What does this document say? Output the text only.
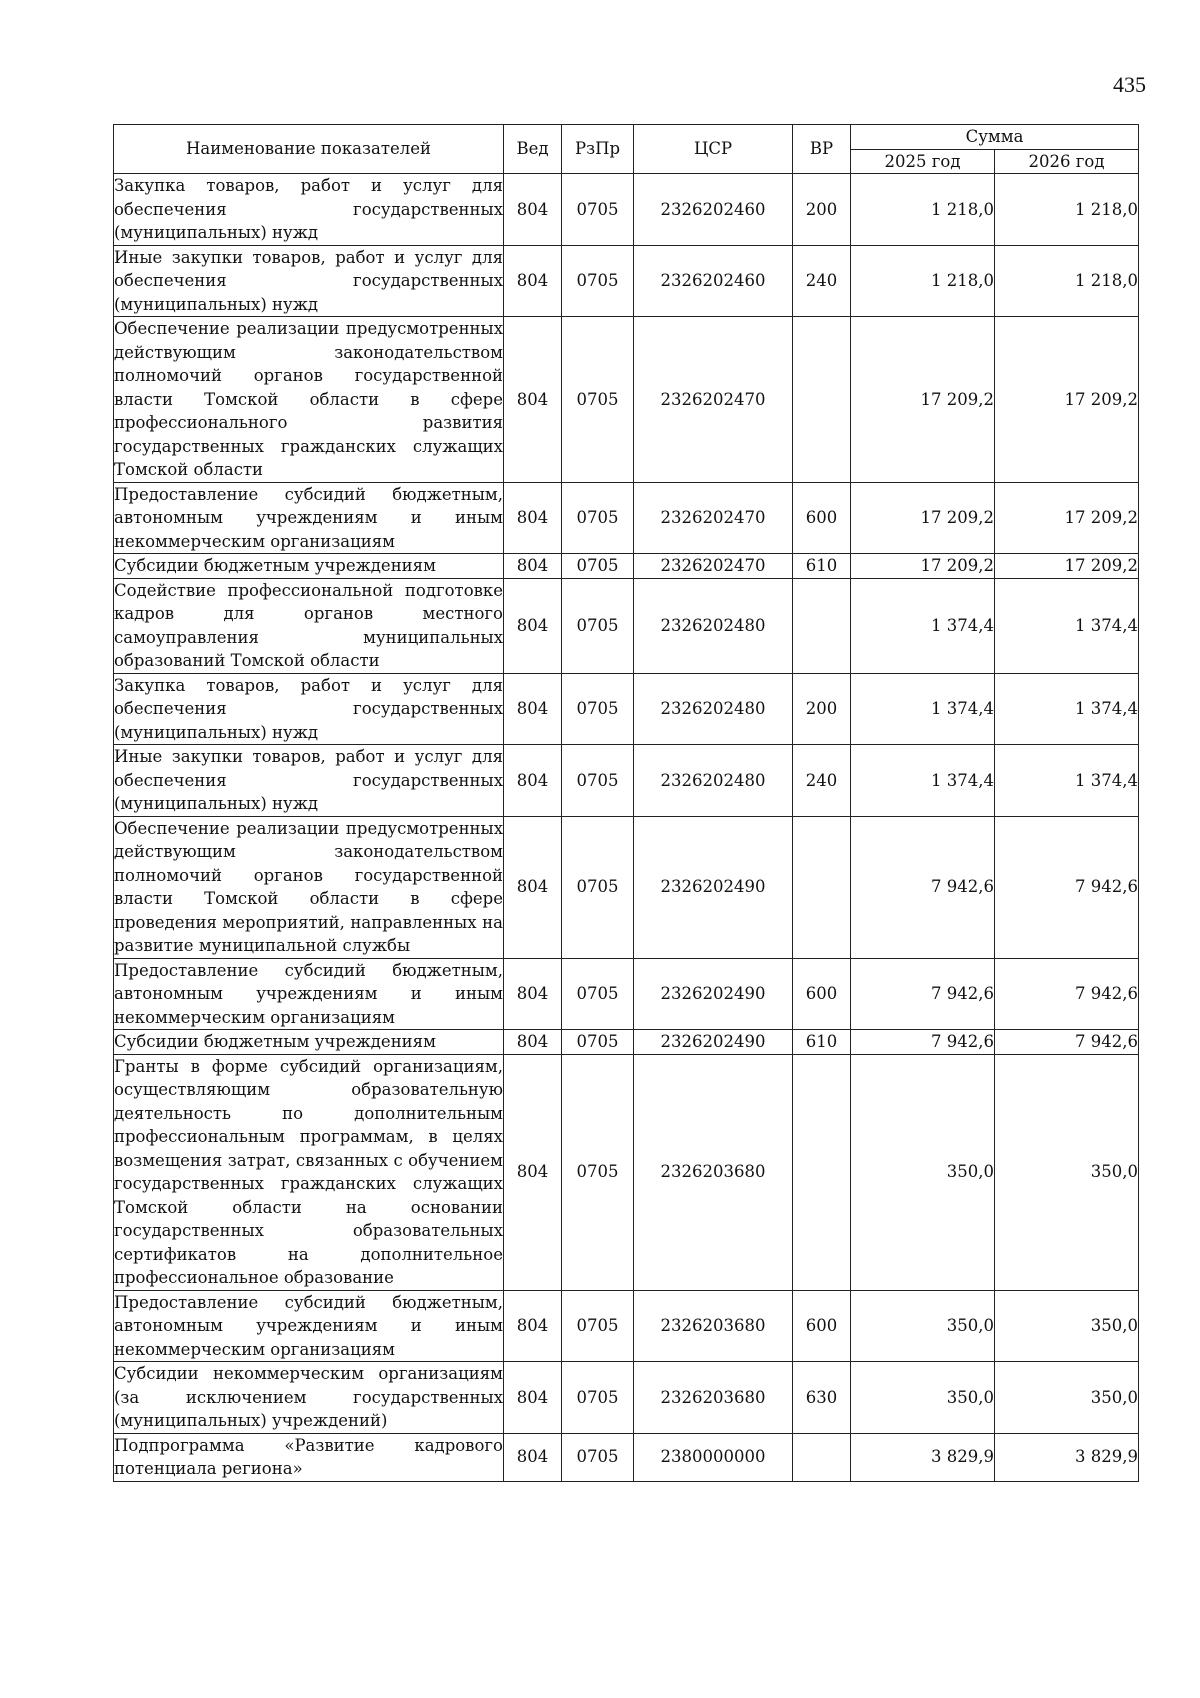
435
Наименование показателей	Вед	РзПр	ЦСР	ВР	Сумма	
					2025 год	2026 год
Закупка товаров, работ и услуг для обеспечения государственных (муниципальных) нужд	804	0705	2326202460	200	1 218,0	1 218,0
Иные закупки товаров, работ и услуг для обеспечения государственных (муниципальных) нужд	804	0705	2326202460	240	1 218,0	1 218,0
Обеспечение реализации предусмотренных действующим законодательством полномочий органов государственной власти Томской области в сфере профессионального развития государственных гражданских служащих Томской области	804	0705	2326202470		17 209,2	17 209,2
Предоставление субсидий бюджетным, автономным учреждениям и иным некоммерческим организациям	804	0705	2326202470	600	17 209,2	17 209,2
Субсидии бюджетным учреждениям	804	0705	2326202470	610	17 209,2	17 209,2
Содействие профессиональной подготовке кадров для органов местного самоуправления муниципальных образований Томской области	804	0705	2326202480		1 374,4	1 374,4
Закупка товаров, работ и услуг для обеспечения государственных (муниципальных) нужд	804	0705	2326202480	200	1 374,4	1 374,4
Иные закупки товаров, работ и услуг для обеспечения государственных (муниципальных) нужд	804	0705	2326202480	240	1 374,4	1 374,4
Обеспечение реализации предусмотренных действующим законодательством полномочий органов государственной власти Томской области в сфере проведения мероприятий, направленных на развитие муниципальной службы	804	0705	2326202490		7 942,6	7 942,6
Предоставление субсидий бюджетным, автономным учреждениям и иным некоммерческим организациям	804	0705	2326202490	600	7 942,6	7 942,6
Субсидии бюджетным учреждениям	804	0705	2326202490	610	7 942,6	7 942,6
Гранты в форме субсидий организациям, осуществляющим образовательную деятельность по дополнительным профессиональным программам, в целях возмещения затрат, связанных с обучением государственных гражданских служащих Томской области на основании государственных образовательных сертификатов на дополнительное профессиональное образование	804	0705	2326203680		350,0	350,0
Предоставление субсидий бюджетным, автономным учреждениям и иным некоммерческим организациям	804	0705	2326203680	600	350,0	350,0
Субсидии некоммерческим организациям (за исключением государственных (муниципальных) учреждений)	804	0705	2326203680	630	350,0	350,0
Подпрограмма «Развитие кадрового потенциала региона»	804	0705	2380000000		3 829,9	3 829,9
